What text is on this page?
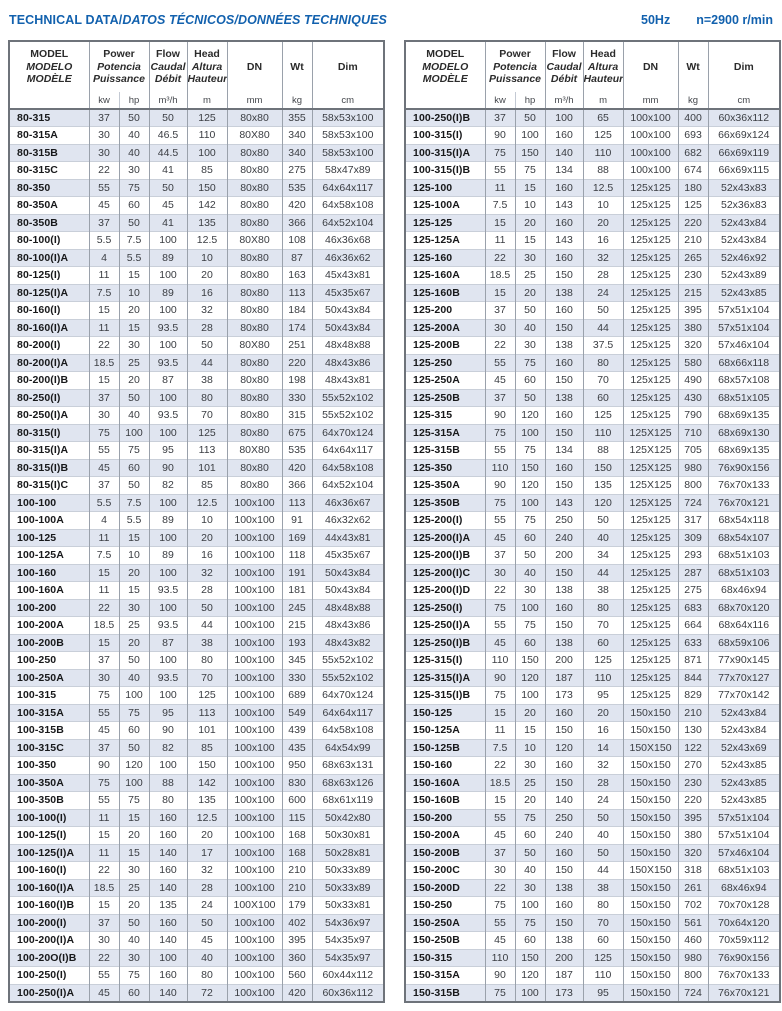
TECHNICAL DATA/DATOS TÉCNICOS/DONNÉES TECHNIQUES	50Hz n=2900 r/min
MODEL
MODELO
MODÈLE

Power
Potencia
Puissance

Flow
Caudal
Débit

Head
Altura
Hauteur

DN	Wt	Dim

	kw	hp	m³/h	m	mm	kg	cm
80-315	37	50	50	125	80x80	355	58x53x100
80-315A	30	40	46.5	110	80X80	340	58x53x100
80-315B	30	40	44.5	100	80x80	340	58x53x100
80-315C	22	30	41	85	80x80	275	58x47x89
80-350	55	75	50	150	80x80	535	64x64x117
80-350A	45	60	45	142	80x80	420	64x58x108
80-350B	37	50	41	135	80x80	366	64x52x104
80-100(I)	5.5	7.5	100	12.5	80X80	108	46x36x68
80-100(I)A	4	5.5	89	10	80x80	87	46x36x62
80-125(I)	11	15	100	20	80x80	163	45x43x81
80-125(I)A	7.5	10	89	16	80x80	113	45x35x67
80-160(I)	15	20	100	32	80x80	184	50x43x84
80-160(I)A	11	15	93.5	28	80x80	174	50x43x84
80-200(I)	22	30	100	50	80X80	251	48x48x88
80-200(I)A	18.5	25	93.5	44	80x80	220	48x43x86
80-200(I)B	15	20	87	38	80x80	198	48x43x81
80-250(I)	37	50	100	80	80x80	330	55x52x102
80-250(I)A	30	40	93.5	70	80x80	315	55x52x102
80-315(I)	75	100	100	125	80x80	675	64x70x124
80-315(I)A	55	75	95	113	80X80	535	64x64x117
80-315(I)B	45	60	90	101	80x80	420	64x58x108
80-315(I)C	37	50	82	85	80x80	366	64x52x104
100-100	5.5	7.5	100	12.5	100x100	113	46x36x67
100-100A	4	5.5	89	10	100x100	91	46x32x62
100-125	11	15	100	20	100x100	169	44x43x81
100-125A	7.5	10	89	16	100x100	118	45x35x67
100-160	15	20	100	32	100x100	191	50x43x84
100-160A	11	15	93.5	28	100x100	181	50x43x84
100-200	22	30	100	50	100x100	245	48x48x88
100-200A	18.5	25	93.5	44	100x100	215	48x43x86
100-200B	15	20	87	38	100x100	193	48x43x82
100-250	37	50	100	80	100x100	345	55x52x102
100-250A	30	40	93.5	70	100x100	330	55x52x102
100-315	75	100	100	125	100x100	689	64x70x124
100-315A	55	75	95	113	100x100	549	64x64x117
100-315B	45	60	90	101	100x100	439	64x58x108
100-315C	37	50	82	85	100x100	435	64x54x99
100-350	90	120	100	150	100x100	950	68x63x131
100-350A	75	100	88	142	100x100	830	68x63x126
100-350B	55	75	80	135	100x100	600	68x61x119
100-100(I)	11	15	160	12.5	100x100	115	50x42x80
100-125(I)	15	20	160	20	100x100	168	50x30x81
100-125(I)A	11	15	140	17	100x100	168	50x28x81
100-160(I)	22	30	160	32	100x100	210	50x33x89
100-160(I)A	18.5	25	140	28	100x100	210	50x33x89
100-160(I)B	15	20	135	24	100X100	179	50x33x81
100-200(I)	37	50	160	50	100x100	402	54x36x97
100-200(I)A	30	40	140	45	100x100	395	54x35x97
100-20O(I)B	22	30	100	40	100x100	360	54x35x97
100-250(I)	55	75	160	80	100x100	560	60x44x112
100-250(I)A	45	60	140	72	100x100	420	60x36x112
MODEL
MODELO
MODÈLE

Power
Potencia
Puissance

Flow
Caudal
Débit

Head
Altura
Hauteur

DN	Wt	Dim

	kw	hp	m³/h	m	mm	kg	cm
100-250(I)B	37	50	100	65	100x100	400	60x36x112
100-315(I)	90	100	160	125	100x100	693	66x69x124
100-315(I)A	75	150	140	110	100x100	682	66x69x119
100-315(I)B	55	75	134	88	100x100	674	66x69x115
125-100	11	15	160	12.5	125x125	180	52x43x83
125-100A	7.5	10	143	10	125x125	125	52x36x83
125-125	15	20	160	20	125x125	220	52x43x84
125-125A	11	15	143	16	125x125	210	52x43x84
125-160	22	30	160	32	125x125	265	52x46x92
125-160A	18.5	25	150	28	125x125	230	52x43x89
125-160B	15	20	138	24	125x125	215	52x43x85
125-200	37	50	160	50	125x125	395	57x51x104
125-200A	30	40	150	44	125x125	380	57x51x104
125-200B	22	30	138	37.5	125x125	320	57x46x104
125-250	55	75	160	80	125x125	580	68x66x118
125-250A	45	60	150	70	125x125	490	68x57x108
125-250B	37	50	138	60	125x125	430	68x51x105
125-315	90	120	160	125	125x125	790	68x69x135
125-315A	75	100	150	110	125X125	710	68x69x130
125-315B	55	75	134	88	125X125	705	68x69x135
125-350	110	150	160	150	125X125	980	76x90x156
125-350A	90	120	150	135	125X125	800	76x70x133
125-350B	75	100	143	120	125X125	724	76x70x121
125-200(I)	55	75	250	50	125x125	317	68x54x118
125-200(I)A	45	60	240	40	125x125	309	68x54x107
125-200(I)B	37	50	200	34	125x125	293	68x51x103
125-200(I)C	30	40	150	44	125x125	287	68x51x103
125-200(I)D	22	30	138	38	125x125	275	68x46x94
125-250(I)	75	100	160	80	125x125	683	68x70x120
125-250(I)A	55	75	150	70	125x125	664	68x64x116
125-250(I)B	45	60	138	60	125x125	633	68x59x106
125-315(I)	110	150	200	125	125x125	871	77x90x145
125-315(I)A	90	120	187	110	125x125	844	77x70x127
125-315(I)B	75	100	173	95	125x125	829	77x70x142
150-125	15	20	160	20	150x150	210	52x43x84
150-125A	11	15	150	16	150x150	130	52x43x84
150-125B	7.5	10	120	14	150X150	122	52x43x69
150-160	22	30	160	32	150x150	270	52x43x85
150-160A	18.5	25	150	28	150x150	230	52x43x85
150-160B	15	20	140	24	150x150	220	52x43x85
150-200	55	75	250	50	150x150	395	57x51x104
150-200A	45	60	240	40	150x150	380	57x51x104
150-200B	37	50	160	50	150x150	320	57x46x104
150-200C	30	40	150	44	150X150	318	68x51x103
150-200D	22	30	138	38	150x150	261	68x46x94
150-250	75	100	160	80	150x150	702	70x70x128
150-250A	55	75	150	70	150x150	561	70x64x120
150-250B	45	60	138	60	150x150	460	70x59x112
150-315	110	150	200	125	150x150	980	76x90x156
150-315A	90	120	187	110	150x150	800	76x70x133
150-315B	75	100	173	95	150x150	724	76x70x121
